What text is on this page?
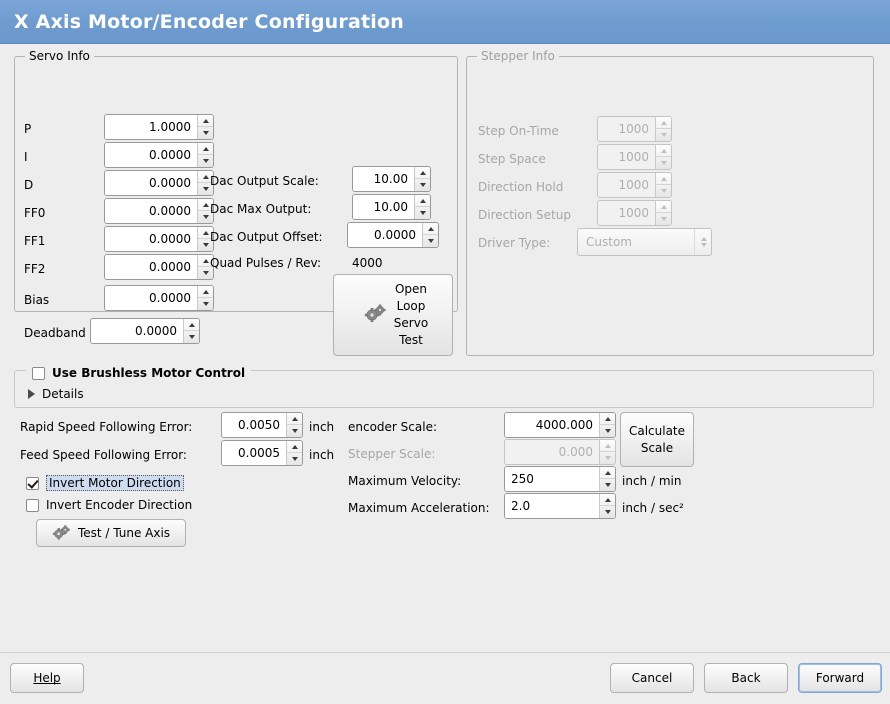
X Axis Motor/Encoder Configuration
Servo Info
P	1.0000
I	0.0000
D	0.0000
FF0	0.0000
FF1	0.0000
FF2	0.0000
Bias	0.0000
Deadband	0.0000
Dac Output Scale:	10.00
Dac Max Output:	10.00
Dac Output Offset:	0.0000
Quad Pulses / Rev:	4000
Open
Loop
Servo
Test
Stepper Info
Step On-Time	1000
Step Space	1000
Direction Hold	1000
Direction Setup	1000
Driver Type:	Custom
Use Brushless Motor Control
Details
Rapid Speed Following Error:	0.0050	inch
Feed Speed Following Error:	0.0005	inch
Invert Motor Direction
Invert Encoder Direction
Test / Tune Axis
encoder Scale:	4000.000
Stepper Scale:	0.000
Calculate
Scale
Maximum Velocity:	250	inch / min
Maximum Acceleration:	2.0	inch / sec²
Help	Cancel	Back	Forward
